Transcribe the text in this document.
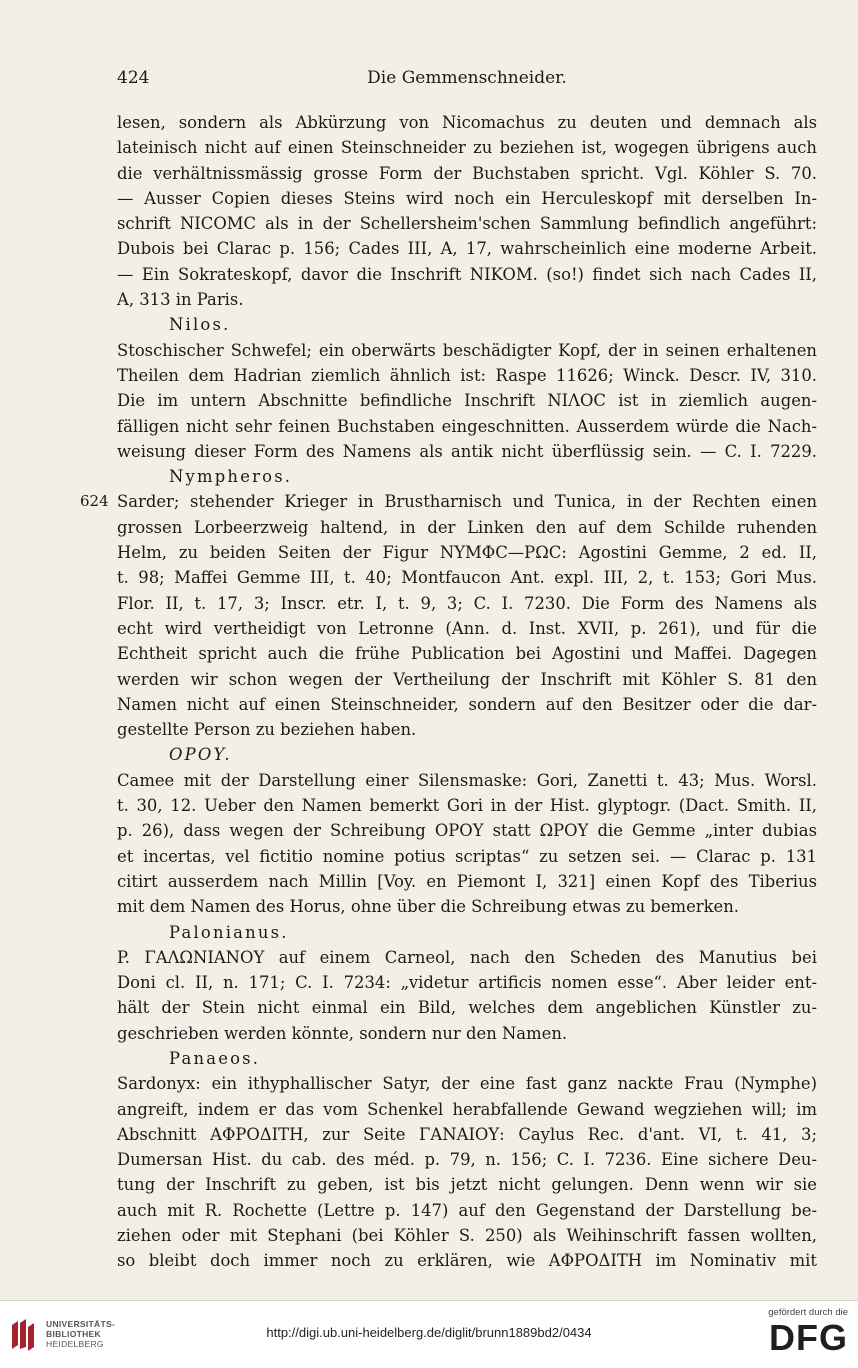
424	Die Gemmenschneider.
lesen, sondern als Abkürzung von Nicomachus zu deuten und demnach als
lateinisch nicht auf einen Steinschneider zu beziehen ist, wogegen übrigens auch
die verhältnissmässig grosse Form der Buchstaben spricht. Vgl. Köhler S. 70.
— Ausser Copien dieses Steins wird noch ein Herculeskopf mit derselben In-
schrift NICOMC als in der Schellersheim'schen Sammlung befindlich angeführt:
Dubois bei Clarac p. 156; Cades III, A, 17, wahrscheinlich eine moderne Arbeit.
— Ein Sokrateskopf, davor die Inschrift NIKOM. (so!) findet sich nach Cades II,
A, 313 in Paris.
Nilos.
Stoschischer Schwefel; ein oberwärts beschädigter Kopf, der in seinen erhaltenen
Theilen dem Hadrian ziemlich ähnlich ist: Raspe 11626; Winck. Descr. IV, 310.
Die im untern Abschnitte befindliche Inschrift NIΛOC ist in ziemlich augen-
fälligen nicht sehr feinen Buchstaben eingeschnitten. Ausserdem würde die Nach-
weisung dieser Form des Namens als antik nicht überflüssig sein. — C. I. 7229.
Nympheros.
624 Sarder; stehender Krieger in Brustharnisch und Tunica, in der Rechten einen
grossen Lorbeerzweig haltend, in der Linken den auf dem Schilde ruhenden
Helm, zu beiden Seiten der Figur NYMΦC—PΩC: Agostini Gemme, 2 ed. II,
t. 98; Maffei Gemme III, t. 40; Montfaucon Ant. expl. III, 2, t. 153; Gori Mus.
Flor. II, t. 17, 3; Inscr. etr. I, t. 9, 3; C. I. 7230. Die Form des Namens als
echt wird vertheidigt von Letronne (Ann. d. Inst. XVII, p. 261), und für die
Echtheit spricht auch die frühe Publication bei Agostini und Maffei. Dagegen
werden wir schon wegen der Vertheilung der Inschrift mit Köhler S. 81 den
Namen nicht auf einen Steinschneider, sondern auf den Besitzer oder die dar-
gestellte Person zu beziehen haben.
OPOY.
Camee mit der Darstellung einer Silensmaske: Gori, Zanetti t. 43; Mus. Worsl.
t. 30, 12. Ueber den Namen bemerkt Gori in der Hist. glyptogr. (Dact. Smith. II,
p. 26), dass wegen der Schreibung OPOY statt ΩPOY die Gemme „inter dubias
et incertas, vel fictitio nomine potius scriptas“ zu setzen sei. — Clarac p. 131
citirt ausserdem nach Millin [Voy. en Piemont I, 321] einen Kopf des Tiberius
mit dem Namen des Horus, ohne über die Schreibung etwas zu bemerken.
Palonianus.
P. ΓΑΛΩΝΙΑΝΟΥ auf einem Carneol, nach den Scheden des Manutius bei
Doni cl. II, n. 171; C. I. 7234: „videtur artificis nomen esse“. Aber leider ent-
hält der Stein nicht einmal ein Bild, welches dem angeblichen Künstler zu-
geschrieben werden könnte, sondern nur den Namen.
Panaeos.
Sardonyx: ein ithyphallischer Satyr, der eine fast ganz nackte Frau (Nymphe)
angreift, indem er das vom Schenkel herabfallende Gewand wegziehen will; im
Abschnitt ΑΦΡΟΔΙΤΗ, zur Seite ΓΑΝΑΙΟΥ: Caylus Rec. d'ant. VI, t. 41, 3;
Dumersan Hist. du cab. des méd. p. 79, n. 156; C. I. 7236. Eine sichere Deu-
tung der Inschrift zu geben, ist bis jetzt nicht gelungen. Denn wenn wir sie
auch mit R. Rochette (Lettre p. 147) auf den Gegenstand der Darstellung be-
ziehen oder mit Stephani (bei Köhler S. 250) als Weihinschrift fassen wollten,
so bleibt doch immer noch zu erklären, wie ΑΦΡΟΔΙΤΗ im Nominativ mit
UNIVERSITÄTS-
BIBLIOTHEK
HEIDELBERG
http://digi.ub.uni-heidelberg.de/diglit/brunn1889bd2/0434
gefördert durch die
DFG
